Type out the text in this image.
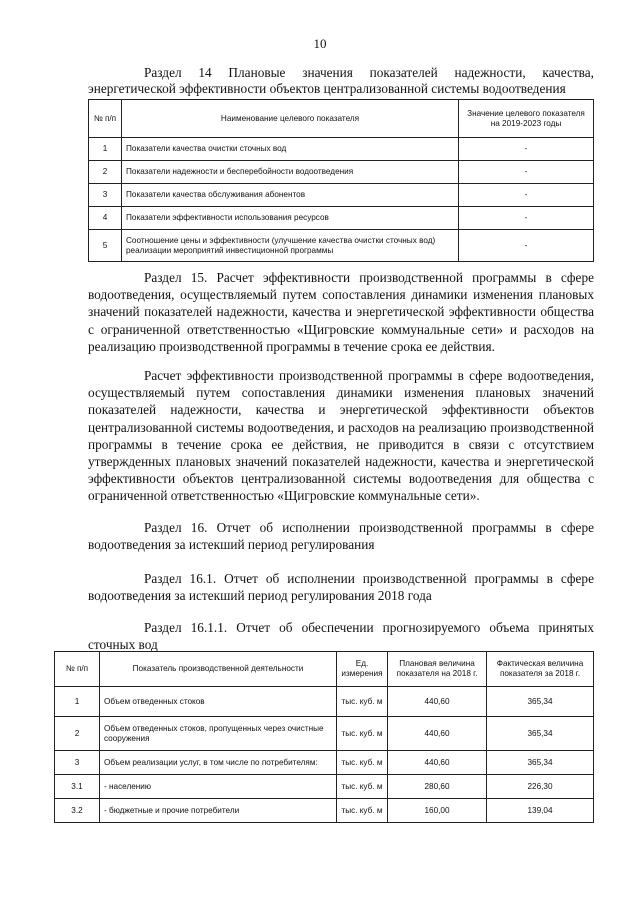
10
Раздел 14 Плановые значения показателей надежности, качества, энергетической эффективности объектов централизованной системы водоотведения
№ п/п	Наименование целевого показателя	Значение целевого показателя на 2019-2023 годы
1	Показатели качества очистки сточных вод	-
2	Показатели надежности и бесперебойности водоотведения	-
3	Показатели качества обслуживания абонентов	-
4	Показатели эффективности использования ресурсов	-
5	Соотношение цены и эффективности (улучшение качества очистки сточных вод) реализации мероприятий инвестиционной программы	-
Раздел 15. Расчет эффективности производственной программы в сфере водоотведения, осуществляемый путем сопоставления динамики изменения плановых значений показателей надежности, качества и энергетической эффективности общества с ограниченной ответственностью «Щигровские коммунальные сети» и расходов на реализацию производственной программы в течение срока ее действия.
Расчет эффективности производственной программы в сфере водоотведения, осуществляемый путем сопоставления динамики изменения плановых значений показателей надежности, качества и энергетической эффективности объектов централизованной системы водоотведения, и расходов на реализацию производственной программы в течение срока ее действия, не приводится в связи с отсутствием утвержденных плановых значений показателей надежности, качества и энергетической эффективности объектов централизованной системы водоотведения для общества с ограниченной ответственностью «Щигровские коммунальные сети».
Раздел 16. Отчет об исполнении производственной программы в сфере водоотведения за истекший период регулирования
Раздел 16.1. Отчет об исполнении производственной программы в сфере водоотведения за истекший период регулирования 2018 года
Раздел 16.1.1. Отчет об обеспечении прогнозируемого объема принятых сточных вод
№ п/п	Показатель производственной деятельности	Ед. измерения	Плановая величина показателя на 2018 г.	Фактическая величина показателя за 2018 г.
1	Объем отведенных стоков	тыс. куб. м	440,60	365,34
2	Объем отведенных стоков, пропущенных через очистные сооружения	тыс. куб. м	440,60	365,34
3	Объем реализации услуг, в том числе по потребителям:	тыс. куб. м	440,60	365,34
3.1	- населению	тыс. куб. м	280,60	226,30
3.2	- бюджетные и прочие потребители	тыс. куб. м	160,00	139,04
